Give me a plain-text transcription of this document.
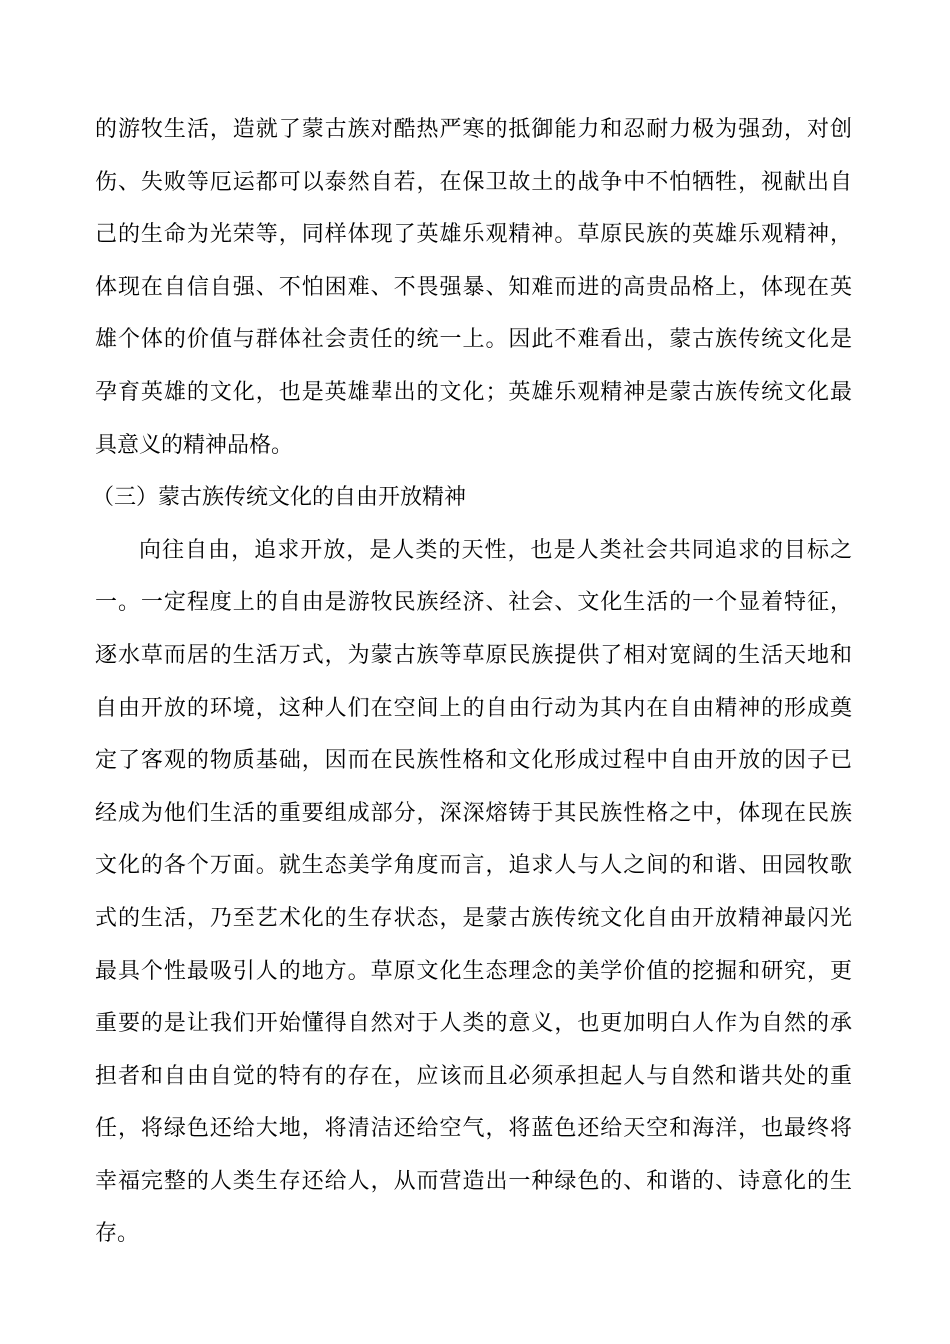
的游牧生活，造就了蒙古族对酷热严寒的抵御能力和忍耐力极为强劲，对创
伤、失败等厄运都可以泰然自若，在保卫故土的战争中不怕牺牲，视献出自
己的生命为光荣等，同样体现了英雄乐观精神。草原民族的英雄乐观精神，
体现在自信自强、不怕困难、不畏强暴、知难而进的高贵品格上，体现在英
雄个体的价值与群体社会责任的统一上。因此不难看出，蒙古族传统文化是
孕育英雄的文化，也是英雄辈出的文化；英雄乐观精神是蒙古族传统文化最
具意义的精神品格。
（三）蒙古族传统文化的自由开放精神
向往自由，追求开放，是人类的天性，也是人类社会共同追求的目标之
一。一定程度上的自由是游牧民族经济、社会、文化生活的一个显着特征，
逐水草而居的生活万式，为蒙古族等草原民族提供了相对宽阔的生活天地和
自由开放的环境，这种人们在空间上的自由行动为其内在自由精神的形成奠
定了客观的物质基础，因而在民族性格和文化形成过程中自由开放的因子已
经成为他们生活的重要组成部分，深深熔铸于其民族性格之中，体现在民族
文化的各个万面。就生态美学角度而言，追求人与人之间的和谐、田园牧歌
式的生活，乃至艺术化的生存状态，是蒙古族传统文化自由开放精神最闪光
最具个性最吸引人的地方。草原文化生态理念的美学价值的挖掘和研究，更
重要的是让我们开始懂得自然对于人类的意义，也更加明白人作为自然的承
担者和自由自觉的特有的存在，应该而且必须承担起人与自然和谐共处的重
任，将绿色还给大地，将清洁还给空气，将蓝色还给天空和海洋，也最终将
幸福完整的人类生存还给人，从而营造出一种绿色的、和谐的、诗意化的生
存。
